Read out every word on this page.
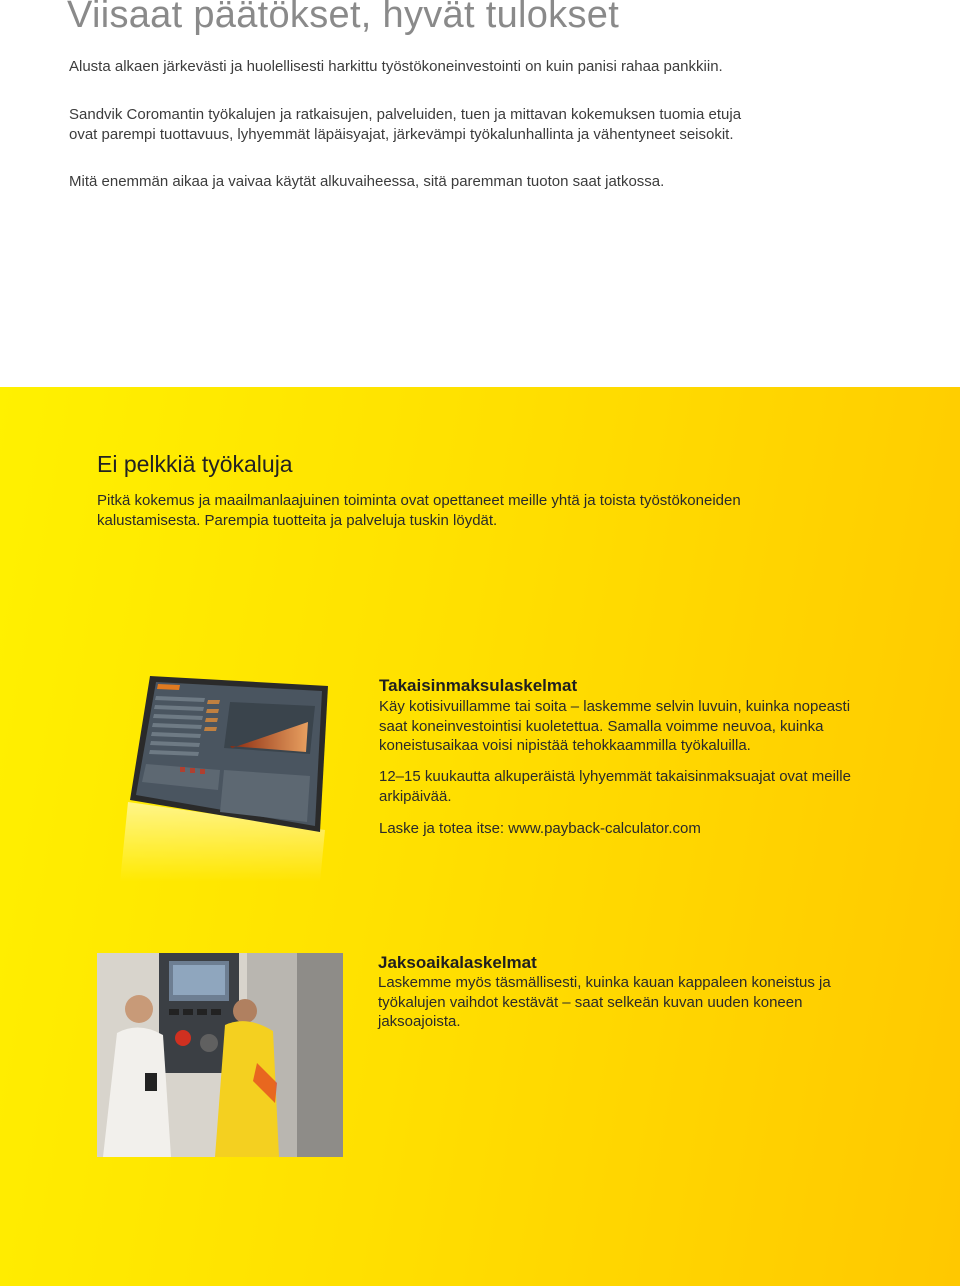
Viisaat päätökset, hyvät tulokset

Alusta alkaen järkevästi ja huolellisesti harkittu työstökoneinvestointi on kuin panisi rahaa pankkiin.

Sandvik Coromantin työkalujen ja ratkaisujen, palveluiden, tuen ja mittavan kokemuksen tuomia etuja ovat parempi tuottavuus, lyhyemmät läpäisyajat, järkevämpi työkalunhallinta ja vähentyneet seisokit.

Mitä enemmän aikaa ja vaivaa käytät alkuvaiheessa, sitä paremman tuoton saat jatkossa.

Ei pelkkiä työkaluja

Pitkä kokemus ja maailmanlaajuinen toiminta ovat opettaneet meille yhtä ja toista työstökoneiden kalustamisesta. Parempia tuotteita ja palveluja tuskin löydät.

Takaisinmaksulaskelmat

Käy kotisivuillamme tai soita – laskemme selvin luvuin, kuinka nopeasti saat koneinvestointisi kuoletettua. Samalla voimme neuvoa, kuinka koneistusaikaa voisi nipistää tehokkaammilla työkaluilla.

12–15 kuukautta alkuperäistä lyhyemmät takaisinmaksuajat ovat meille arkipäivää.

Laske ja totea itse: www.payback-calculator.com

Jaksoaikalaskelmat

Laskemme myös täsmällisesti, kuinka kauan kappaleen koneistus ja työkalujen vaihdot kestävät – saat selkeän kuvan uuden koneen jaksoajoista.
